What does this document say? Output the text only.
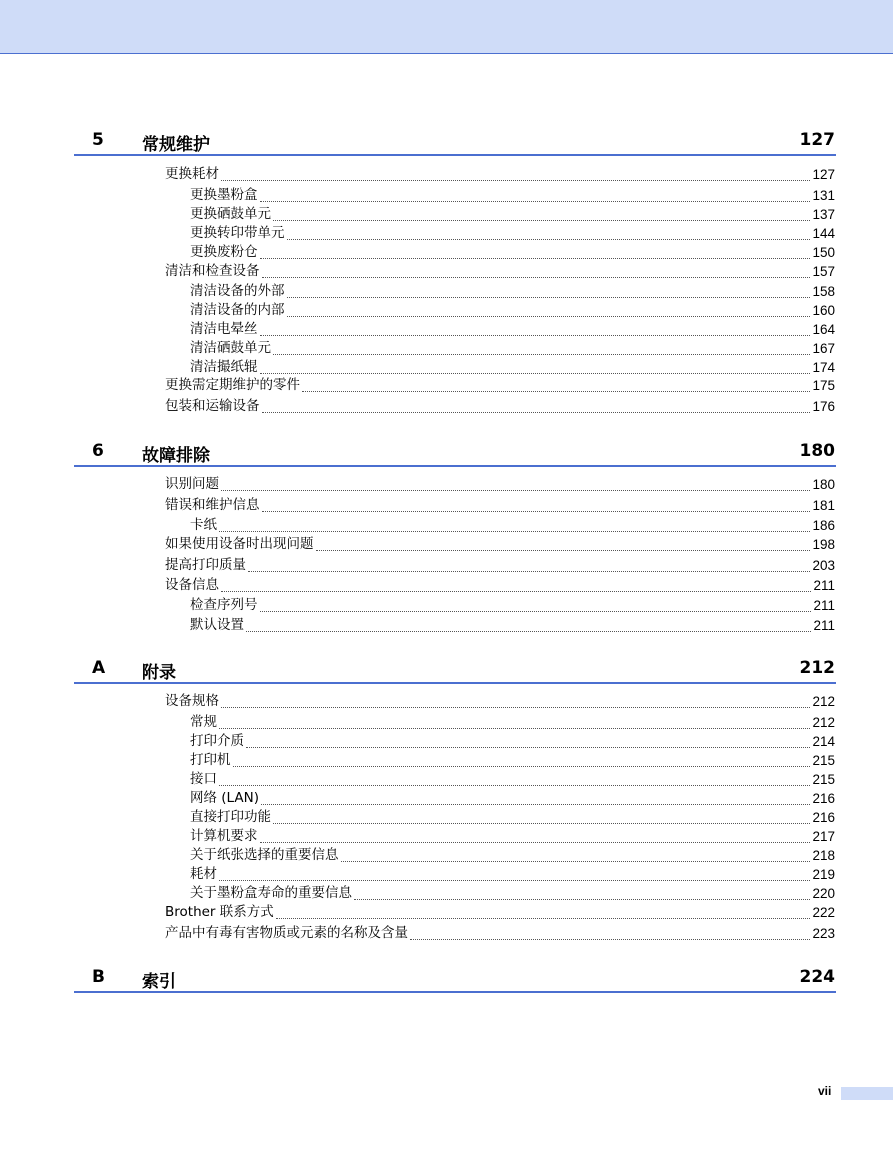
5 常规维护	127
更换耗材	127
更换墨粉盒	131
更换硒鼓单元	137
更换转印带单元	144
更换废粉仓	150
清洁和检查设备	157
清洁设备的外部	158
清洁设备的内部	160
清洁电晕丝	164
清洁硒鼓单元	167
清洁撮纸辊	174
更换需定期维护的零件	175
包装和运输设备	176
6 故障排除	180
识别问题	180
错误和维护信息	181
卡纸	186
如果使用设备时出现问题	198
提高打印质量	203
设备信息	211
检查序列号	211
默认设置	211
A 附录	212
设备规格	212
常规	212
打印介质	214
打印机	215
接口	215
网络 (LAN)	216
直接打印功能	216
计算机要求	217
关于纸张选择的重要信息	218
耗材	219
关于墨粉盒寿命的重要信息	220
Brother 联系方式	222
产品中有毒有害物质或元素的名称及含量	223
B 索引	224
vii
